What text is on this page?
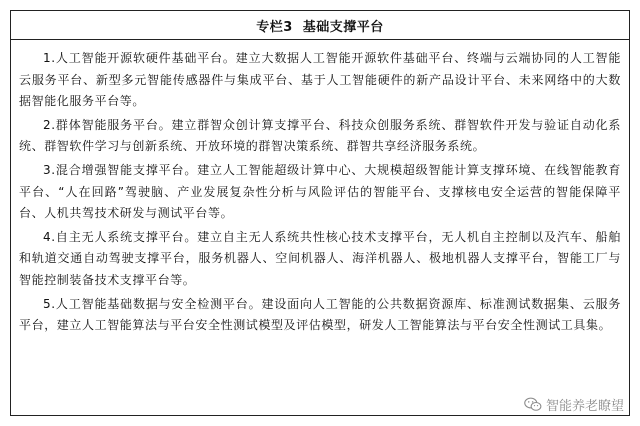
专栏3 基础支撑平台

1.人工智能开源软硬件基础平台。建立大数据人工智能开源软件基础平台、终端与云端协同的人工智能云服务平台、新型多元智能传感器件与集成平台、基于人工智能硬件的新产品设计平台、未来网络中的大数据智能化服务平台等。

2.群体智能服务平台。建立群智众创计算支撑平台、科技众创服务系统、群智软件开发与验证自动化系统、群智软件学习与创新系统、开放环境的群智决策系统、群智共享经济服务系统。

3.混合增强智能支撑平台。建立人工智能超级计算中心、大规模超级智能计算支撑环境、在线智能教育平台、“人在回路”驾驶脑、产业发展复杂性分析与风险评估的智能平台、支撑核电安全运营的智能保障平台、人机共驾技术研发与测试平台等。

4.自主无人系统支撑平台。建立自主无人系统共性核心技术支撑平台，无人机自主控制以及汽车、船舶和轨道交通自动驾驶支撑平台，服务机器人、空间机器人、海洋机器人、极地机器人支撑平台，智能工厂与智能控制装备技术支撑平台等。

5.人工智能基础数据与安全检测平台。建设面向人工智能的公共数据资源库、标准测试数据集、云服务平台，建立人工智能算法与平台安全性测试模型及评估模型，研发人工智能算法与平台安全性测试工具集。

智能养老瞭望
